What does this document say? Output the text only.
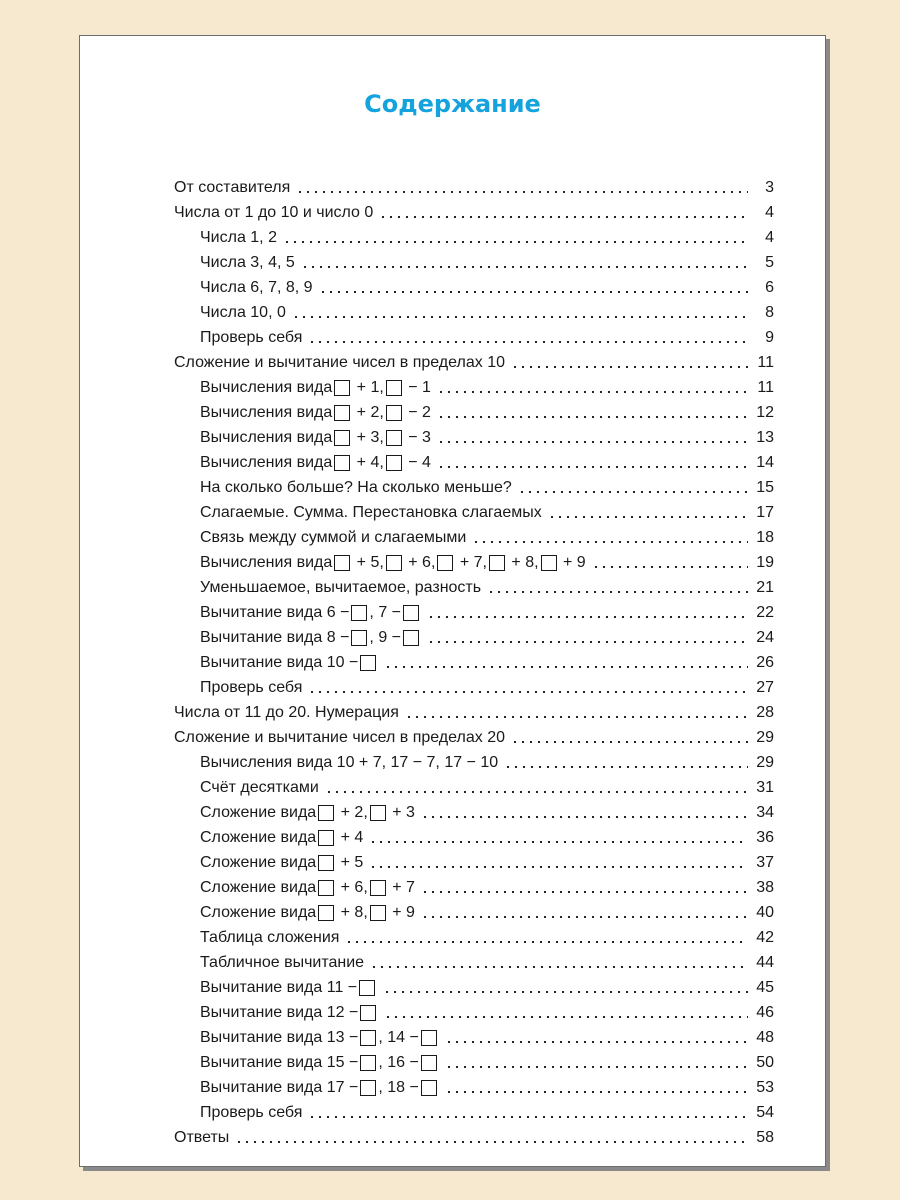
Содержание
От составителя	3
Числа от 1 до 10 и число 0	4
Числа 1, 2	4
Числа 3, 4, 5	5
Числа 6, 7, 8, 9	6
Числа 10, 0	8
Проверь себя	9
Сложение и вычитание чисел в пределах 10	11
Вычисления вида + 1, − 1	11
Вычисления вида + 2, − 2	12
Вычисления вида + 3, − 3	13
Вычисления вида + 4, − 4	14
На сколько больше? На сколько меньше?	15
Слагаемые. Сумма. Перестановка слагаемых	17
Связь между суммой и слагаемыми	18
Вычисления вида + 5, + 6, + 7, + 8, + 9	19
Уменьшаемое, вычитаемое, разность	21
Вычитание вида 6 − , 7 −	22
Вычитание вида 8 − , 9 −	24
Вычитание вида 10 −	26
Проверь себя	27
Числа от 11 до 20. Нумерация	28
Сложение и вычитание чисел в пределах 20	29
Вычисления вида 10 + 7, 17 − 7, 17 − 10	29
Счёт десятками	31
Сложение вида + 2, + 3	34
Сложение вида + 4	36
Сложение вида + 5	37
Сложение вида + 6, + 7	38
Сложение вида + 8, + 9	40
Таблица сложения	42
Табличное вычитание	44
Вычитание вида 11 −	45
Вычитание вида 12 −	46
Вычитание вида 13 − , 14 −	48
Вычитание вида 15 − , 16 −	50
Вычитание вида 17 − , 18 −	53
Проверь себя	54
Ответы	58
